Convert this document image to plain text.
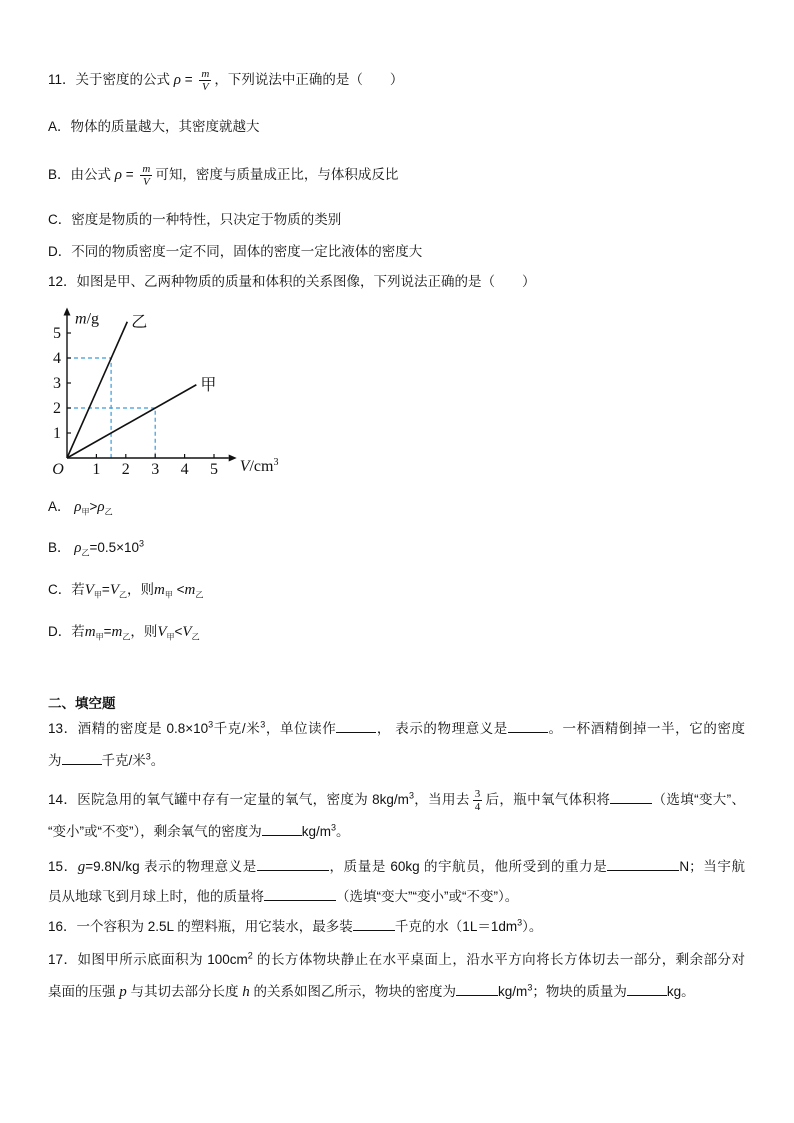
11．关于密度的公式 $\rho = \frac{m}{V}$ ，下列说法中正确的是（　　）
A．物体的质量越大，其密度就越大
B．由公式 $\rho = \frac{m}{V}$ 可知，密度与质量成正比，与体积成反比
C．密度是物质的一种特性，只决定于物质的类别
D．不同的物质密度一定不同，固体的密度一定比液体的密度大
12．如图是甲、乙两种物质的质量和体积的关系图像，下列说法正确的是（　　）
乙
甲
1
2
3
4
5
1 2 3 4 5
O
m/g
$V/cm^3$
A． $\rho_甲>\rho_乙$
B． $\rho_乙=0.5\times 10^3$
C．若$V_甲=V_乙$，则$m_甲 <m_乙$
D．若$m_甲=m_乙$，则$V_甲<V_乙$
二、填空题
13．酒精的密度是 $0.8\times 10^3$千克/米$^3$，单位读作	， 表示的物理意义是	。一杯酒精倒掉一半，它的密度
为	千克/米$^3$。
14．医院急用的氧气罐中存有一定量的氧气，密度为 $8kg/m^3$，当用去 $\frac{3}{4}$ 后，瓶中氧气体积将	（选填“变大”、
“变小”或“不变”），剩余氧气的密度为	$kg/m^3$。
15．g=9.8N/kg 表示的物理意义是	，质量是 60kg 的宇航员，他所受到的重力是	N；当宇航
员从地球飞到月球上时，他的质量将	（选填“变大”“变小”或“不变”）。
16．一个容积为 2.5L 的塑料瓶，用它装水，最多装	千克的水$(1L=1dm^3)$。
17．如图甲所示底面积为 $100cm^2$ 的长方体物块静止在水平桌面上，沿水平方向将长方体切去一部分，剩余部分对
桌面的压强 p 与其切去部分长度 h 的关系如图乙所示，物块的密度为	$kg/m^3$；物块的质量为	kg。
